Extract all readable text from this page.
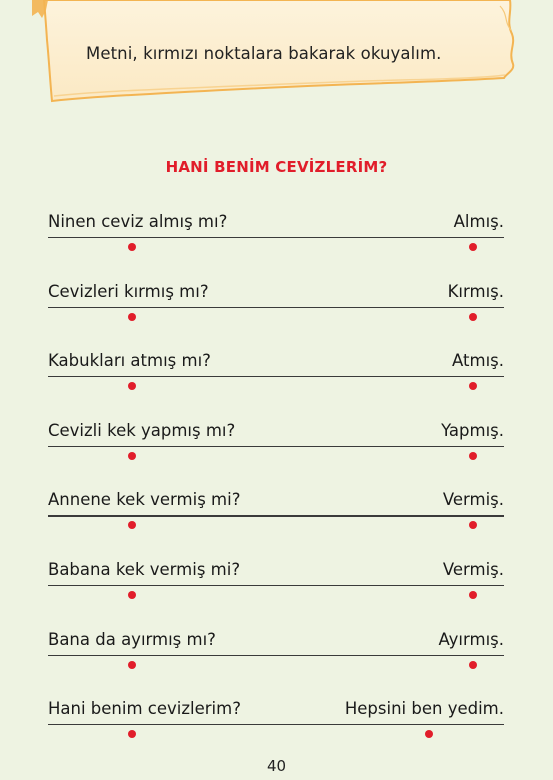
Metni, kırmızı noktalara bakarak okuyalım.
HANİ BENİM CEVİZLERİM?
Ninen ceviz almış mı?	Almış.
Cevizleri kırmış mı?	Kırmış.
Kabukları atmış mı?	Atmış.
Cevizli kek yapmış mı?	Yapmış.
Annene kek vermiş mi?	Vermiş.
Babana kek vermiş mi?	Vermiş.
Bana da ayırmış mı?	Ayırmış.
Hani benim cevizlerim?	Hepsini ben yedim.
40
